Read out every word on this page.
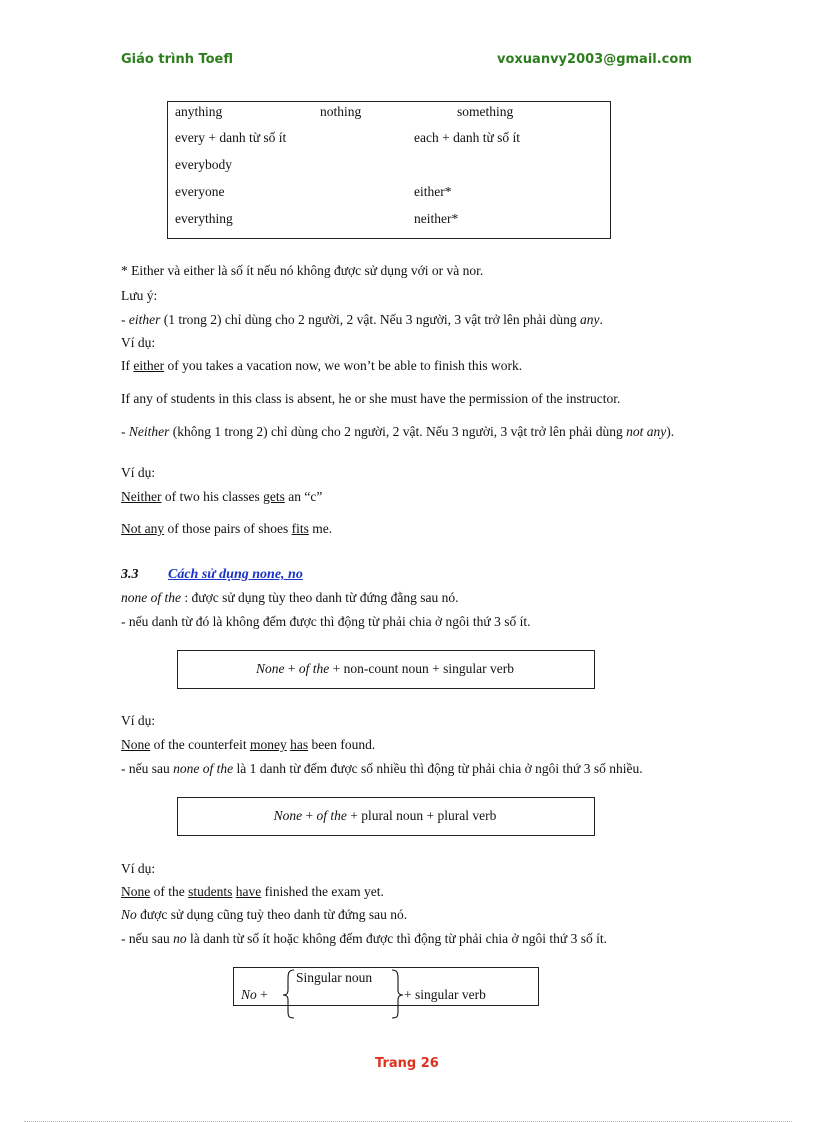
Giáo trình Toefl	voxuanvy2003@gmail.com
anything	nothing	something
every + danh từ số ít	each + danh từ số ít
everybody
everyone	either*
everything	neither*
* Either và either là số ít nếu nó không được sử dụng với or và nor.
Lưu ý:
- either (1 trong 2) chỉ dùng cho 2 người, 2 vật. Nếu 3 người, 3 vật trở lên phải dùng any.
Ví dụ:
If either of you takes a vacation now, we won’t be able to finish this work.
If any of students in this class is absent, he or she must have the permission of the instructor.
- Neither (không 1 trong 2) chỉ dùng cho 2 người, 2 vật. Nếu 3 người, 3 vật trở lên phải dùng not any).
Ví dụ:
Neither of two his classes gets an “c”
Not any of those pairs of shoes fits me.
3.3 Cách sử dụng none, no
none of the : được sử dụng tùy theo danh từ đứng đằng sau nó.
- nếu danh từ đó là không đếm được thì động từ phải chia ở ngôi thứ 3 số ít.
None + of the + non-count noun + singular verb
Ví dụ:
None of the counterfeit money has been found.
- nếu sau none of the là 1 danh từ đếm được số nhiều thì động từ phải chia ở ngôi thứ 3 số nhiều.
None + of the + plural noun + plural verb
Ví dụ:
None of the students have finished the exam yet.
No được sử dụng cũng tuỳ theo danh từ đứng sau nó.
- nếu sau no là danh từ số ít hoặc không đếm được thì động từ phải chia ở ngôi thứ 3 số ít.
No +
Singular noun
+ singular verb
Trang 26
